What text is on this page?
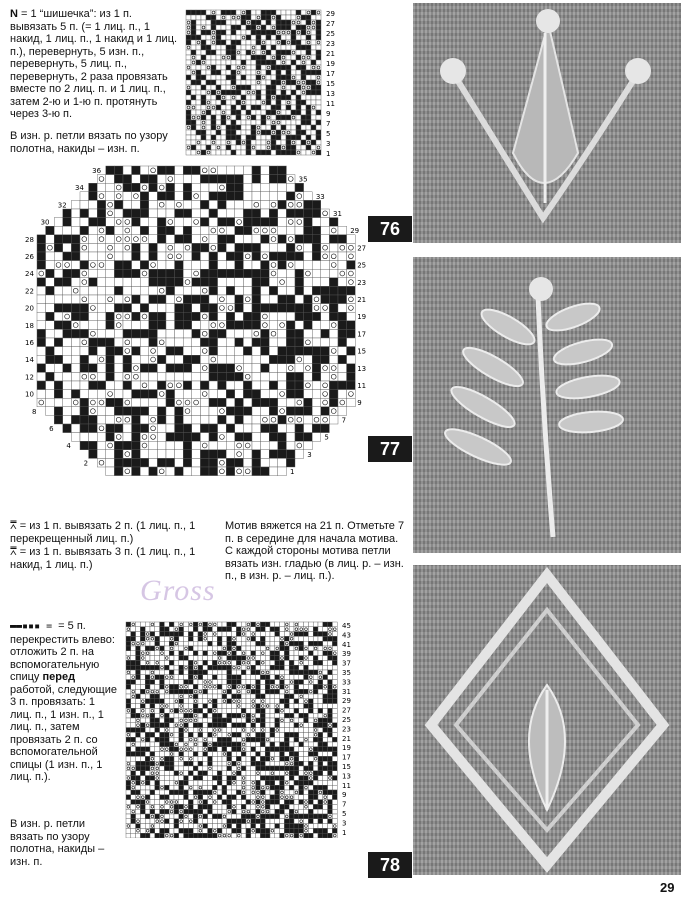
N = 1 “шишечка”: из 1 п. вывязать 5 п. (= 1 лиц. п., 1 накид, 1 лиц. п., 1 накид и 1 лиц. п.), перевернуть, 5 изн. п., перевернуть, 5 лиц. п., перевернуть, 2 раза провязать вместе по 2 лиц. п. и 1 лиц. п., затем 2-ю и 1-ю п. протянуть через 3-ю п.
В изн. р. петли вязать по узору полотна, накиды – изн. п.
29
27
25
23
21
19
17
15
13
11
9
7
5
3
1
76
36
35
34
33
32
31
30
29
28
27
26
25
24
23
22
21
20
19
18
17
16
15
14
13
12
11
10
9
8
7
6
5
4
3
2
1
77
⩞ = из 1 п. вывязать 2 п. (1 лиц. п., 1 перекрещенный лиц. п.)
⩞ = из 1 п. вывязать 3 п. (1 лиц. п., 1 накид, 1 лиц. п.)
Мотив вяжется на 21 п. Отметьте 7 п. в середине для начала мотива. С каждой стороны мотива петли вязать изн. гладью (в лиц. р. – изн. п., в изн. р. – лиц. п.).
Gross
▬▬▪▪▪ = = 5 п. перекрестить влево: отложить 2 п. на вспомогательную спицу перед работой, следующие 3 п. провязать: 1 лиц. п., 1 изн. п., 1 лиц. п., затем провязать 2 п. со вспомогательной спицы (1 изн. п., 1 лиц. п.).
В изн. р. петли вязать по узору полотна, накиды – изн. п.
45
43
41
39
37
35
33
31
29
27
25
23
21
19
17
15
13
11
9
7
5
3
1
78
29
